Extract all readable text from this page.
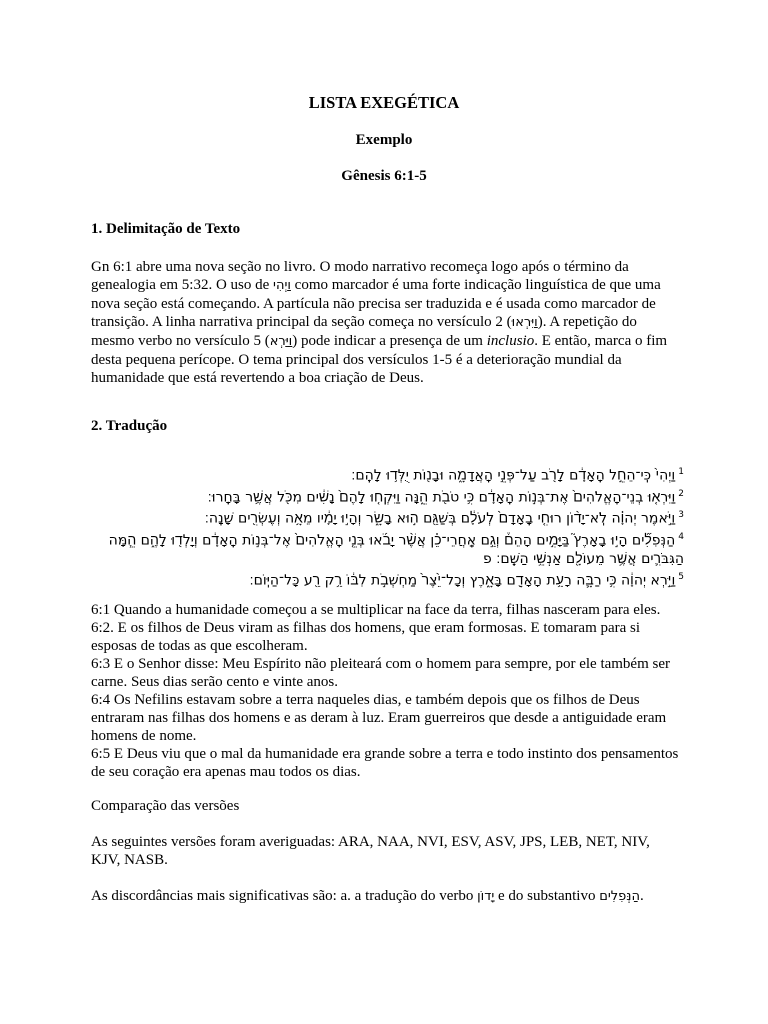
LISTA EXEGÉTICA
Exemplo
Gênesis 6:1-5
1. Delimitação de Texto

Gn 6:1 abre uma nova seção no livro. O modo narrativo recomeça logo após o término da genealogia em 5:32. O uso de וַיְהִי como marcador é uma forte indicação linguística de que uma nova seção está começando. A partícula não precisa ser traduzida e é usada como marcador de transição. A linha narrativa principal da seção começa no versículo 2 (וַיִּרְאוּ). A repetição do mesmo verbo no versículo 5 (וַיַּרְא) pode indicar a presença de um inclusio. E então, marca o fim desta pequena perícope. O tema principal dos versículos 1-5 é a deterioração mundial da humanidade que está revertendo a boa criação de Deus.

2. Tradução
$^1$וַיְהִי֙ כִּֽי־הֵחֵ֣ל הָֽאָדָ֔ם לָרֹ֖ב עַל־פְּנֵ֣י הָֽאֲדָמָ֑ה וּבָנ֖וֹת יֻלְּד֥וּ לָהֶֽם׃
$^2$וַיִּרְא֤וּ בְנֵי־הָֽאֱלֹהִים֙ אֶת־בְּנ֣וֹת הָֽאָדָ֔ם כִּ֥י טֹבֹ֖ת הֵ֑נָּה וַיִּקְח֤וּ לָהֶם֙ נָשִׁ֔ים מִכֹּ֖ל אֲשֶׁ֥ר בָּחָֽרוּ׃
$^3$וַיֹּ֣אמֶר יְהוָ֗ה לֹֽא־יָד֨וֹן רוּחִ֤י בָֽאָדָם֙ לְעֹלָ֔ם בְּשַׁגַּ֖ם ה֣וּא בָשָׂ֑ר וְהָי֣וּ יָמָ֔יו מֵאָ֥ה וְעֶשְׂרִ֖ים שָׁנָֽה׃
$^4$הַנְּפִלִ֞ים הָי֣וּ בָאָרֶץ֮ בַּיָּמִ֣ים הָהֵם֒ וְגַ֣ם אַֽחֲרֵי־כֵ֗ן אֲשֶׁ֨ר יָבֹ֜אוּ בְּנֵ֤י הָֽאֱלֹהִים֙ אֶל־בְּנ֣וֹת הָֽאָדָ֔ם וְיָלְד֖וּ לָהֶ֑ם הֵ֧מָּה הַגִּבֹּרִ֛ים אֲשֶׁ֥ר מֵעוֹלָ֖ם אַנְשֵׁ֥י הַשֵּֽׁם׃ פ
$^5$וַיַּ֣רְא יְהוָ֔ה כִּ֥י רַבָּ֛ה רָעַ֥ת הָאָדָ֖ם בָּאָ֑רֶץ וְכָל־יֵ֙צֶר֙ מַחְשְׁבֹ֣ת לִבּ֔וֹ רַ֥ק רַ֖ע כָּל־הַיּֽוֹם׃
6:1 Quando a humanidade começou a se multiplicar na face da terra, filhas nasceram para eles.
6:2. E os filhos de Deus viram as filhas dos homens, que eram formosas. E tomaram para si esposas de todas as que escolheram.
6:3 E o Senhor disse: Meu Espírito não pleiteará com o homem para sempre, por ele também ser carne. Seus dias serão cento e vinte anos.
6:4 Os Nefilins estavam sobre a terra naqueles dias, e também depois que os filhos de Deus entraram nas filhas dos homens e as deram à luz. Eram guerreiros que desde a antiguidade eram homens de nome.
6:5 E Deus viu que o mal da humanidade era grande sobre a terra e todo instinto dos pensamentos de seu coração era apenas mau todos os dias.
Comparação das versões
As seguintes versões foram averiguadas: ARA, NAA, NVI, ESV, ASV, JPS, LEB, NET, NIV, KJV, NASB.
As discordâncias mais significativas são: a. a tradução do verbo יָדוֹן e do substantivo הַנְּפִלִים.
